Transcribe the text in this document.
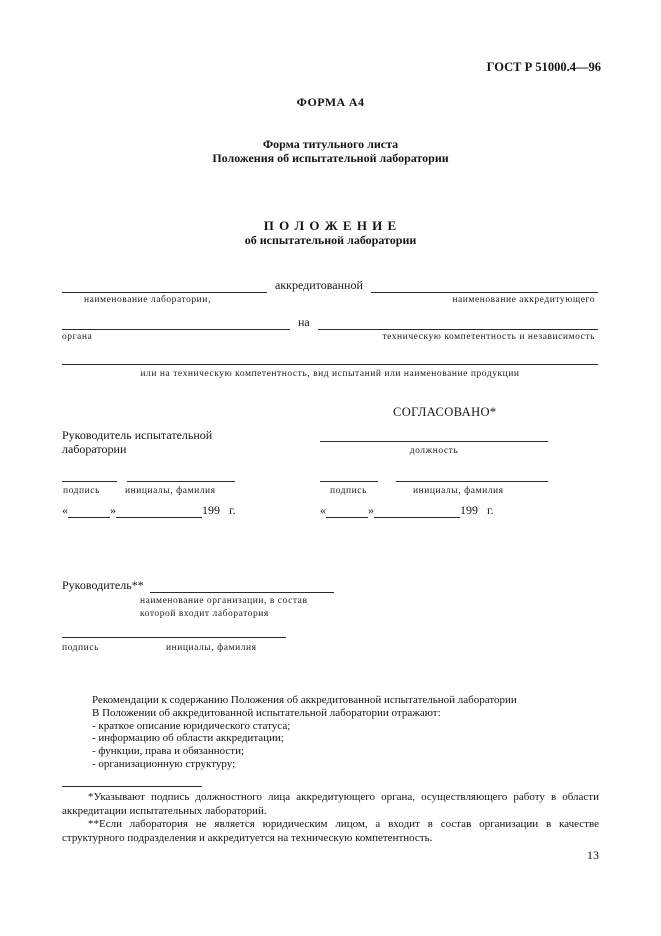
ГОСТ Р 51000.4—96
ФОРМА А4
Форма титульного листа
Положения об испытательной лаборатории
П О Л О Ж Е Н И Е
об испытательной лаборатории
аккредитованной
наименование лаборатории,	наименование аккредитующего
на
органа	техническую компетентность и независимость
или на техническую компетентность, вид испытаний или наименование продукции
СОГЛАСОВАНО*
Руководитель испытательной
лаборатории	должность
подпись	инициалы, фамилия	подпись	инициалы, фамилия
«	»	199 г.	«	»	199 г.
Руководитель**
наименование организации, в состав
которой входит лаборатория
подпись	инициалы, фамилия
Рекомендации к содержанию Положения об аккредитованной испытательной лаборатории
В Положении об аккредитованной испытательной лаборатории отражают:
- краткое описание юридического статуса;
- информацию об области аккредитации;
- функции, права и обязанности;
- организационную структуру;
*Указывают подпись должностного лица аккредитующего органа, осуществляющего работу в области аккредитации испытательных лабораторий.
**Если лаборатория не является юридическим лицом, а входит в состав организации в качестве структурного подразделения и аккредитуется на техническую компетентность.
13
